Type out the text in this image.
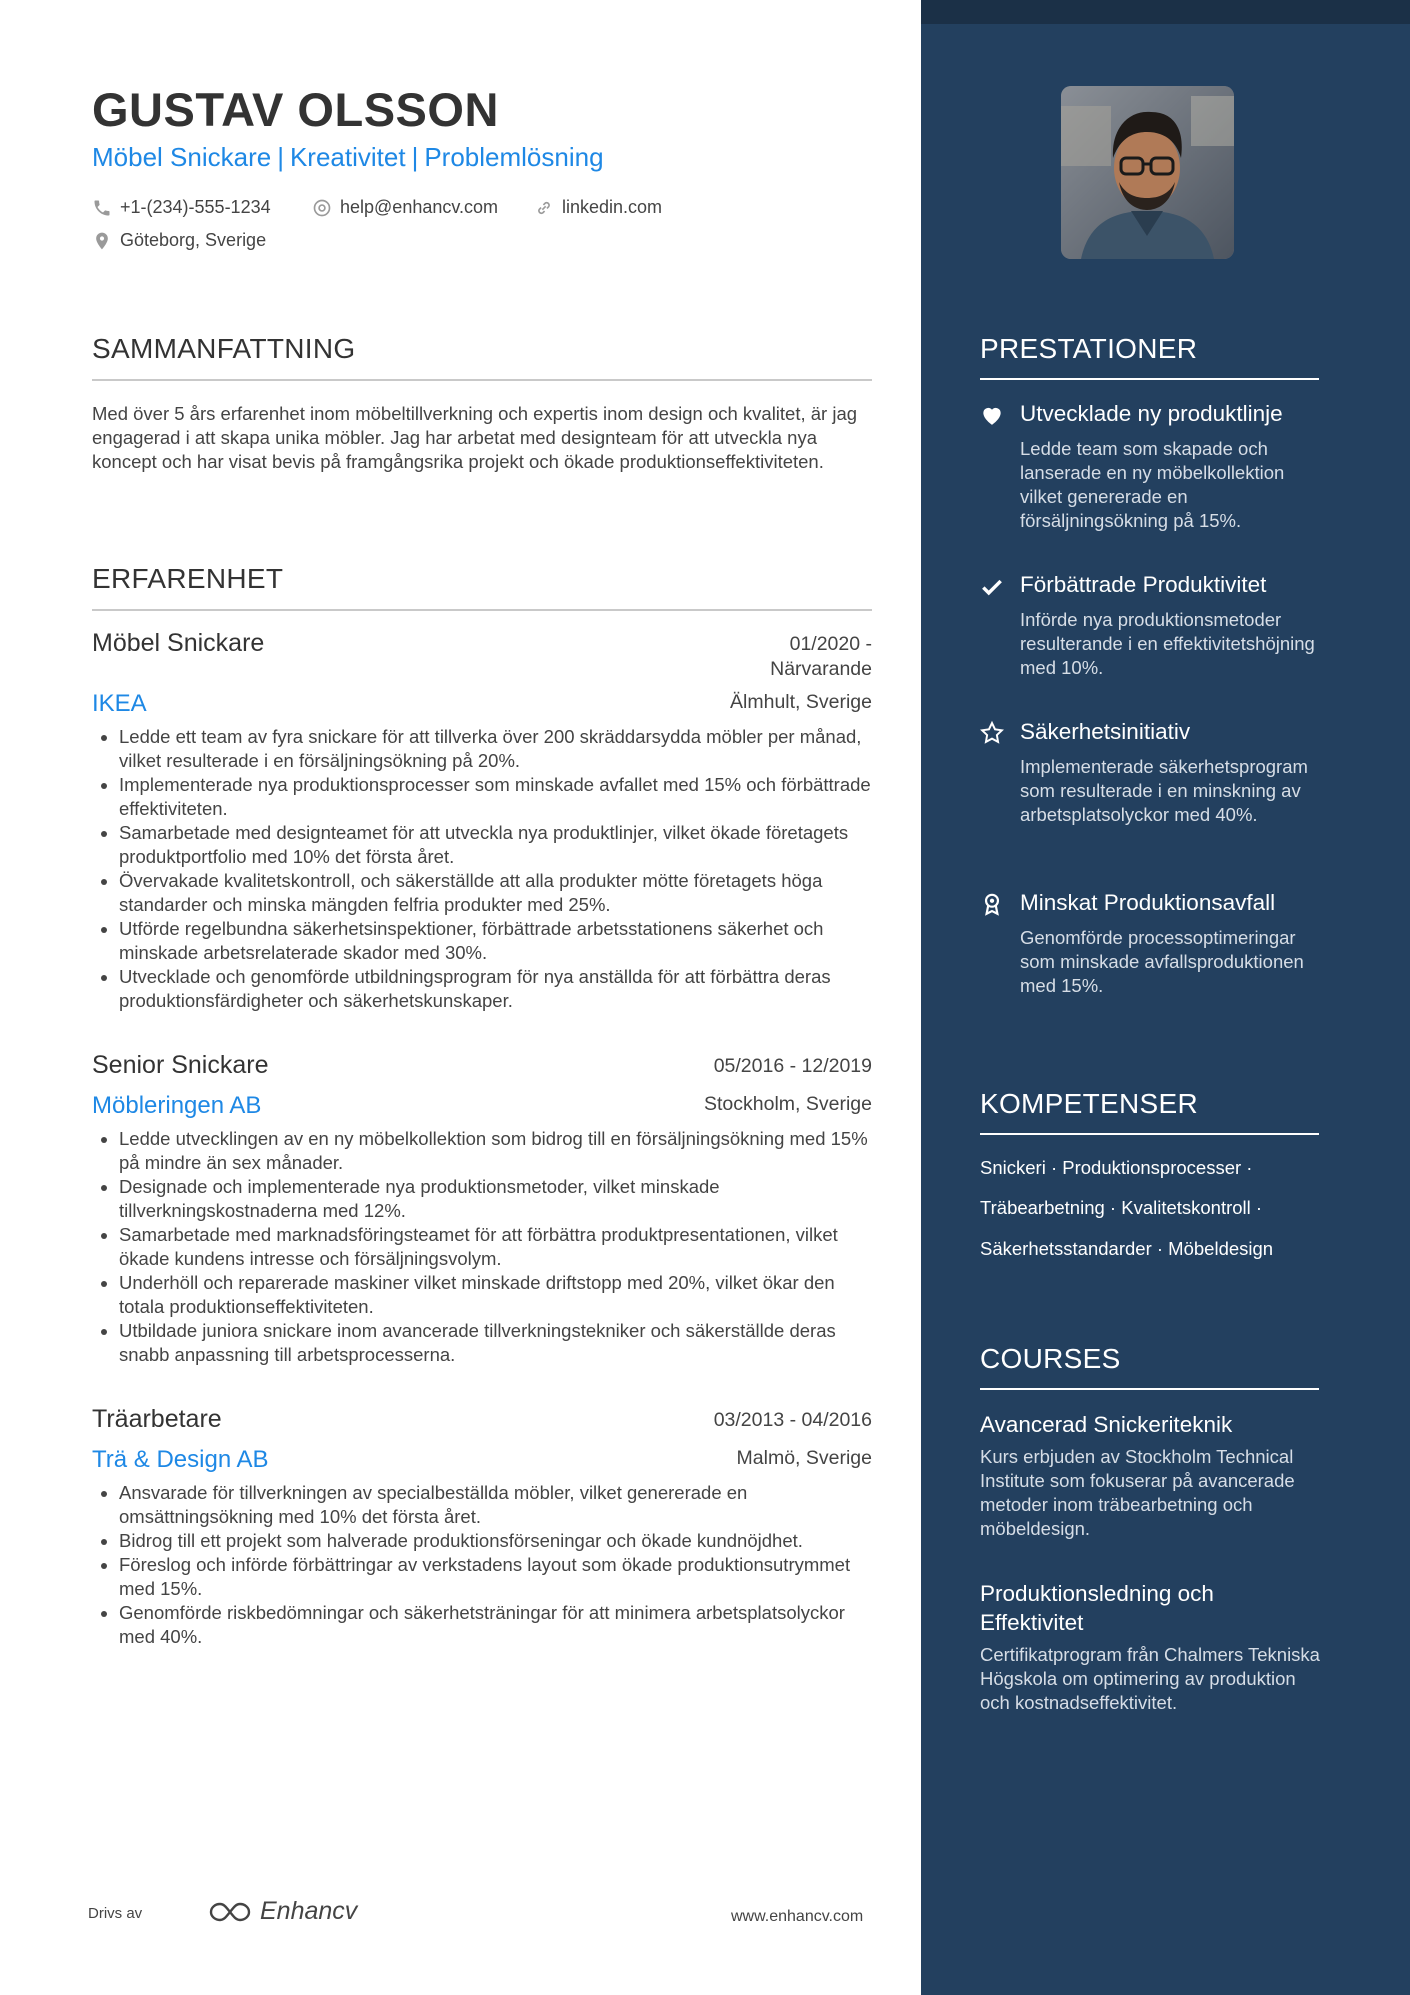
GUSTAV OLSSON
Möbel Snickare | Kreativitet | Problemlösning
+1-(234)-555-1234	help@enhancv.com	linkedin.com
Göteborg, Sverige
SAMMANFATTNING

Med över 5 års erfarenhet inom möbeltillverkning och expertis inom design och kvalitet, är jag engagerad i att skapa unika möbler. Jag har arbetat med designteam för att utveckla nya koncept och har visat bevis på framgångsrika projekt och ökade produktionseffektiviteten.

ERFARENHET
Möbel Snickare	01/2020 -
Närvarande
IKEA	Älmhult, Sverige
• Ledde ett team av fyra snickare för att tillverka över 200 skräddarsydda möbler per månad, vilket resulterade i en försäljningsökning på 20%.
• Implementerade nya produktionsprocesser som minskade avfallet med 15% och förbättrade effektiviteten.
• Samarbetade med designteamet för att utveckla nya produktlinjer, vilket ökade företagets produktportfolio med 10% det första året.
• Övervakade kvalitetskontroll, och säkerställde att alla produkter mötte företagets höga standarder och minska mängden felfria produkter med 25%.
• Utförde regelbundna säkerhetsinspektioner, förbättrade arbetsstationens säkerhet och minskade arbetsrelaterade skador med 30%.
• Utvecklade och genomförde utbildningsprogram för nya anställda för att förbättra deras produktionsfärdigheter och säkerhetskunskaper.
Senior Snickare	05/2016 - 12/2019
Möbleringen AB	Stockholm, Sverige
• Ledde utvecklingen av en ny möbelkollektion som bidrog till en försäljningsökning med 15% på mindre än sex månader.
• Designade och implementerade nya produktionsmetoder, vilket minskade tillverkningskostnaderna med 12%.
• Samarbetade med marknadsföringsteamet för att förbättra produktpresentationen, vilket ökade kundens intresse och försäljningsvolym.
• Underhöll och reparerade maskiner vilket minskade driftstopp med 20%, vilket ökar den totala produktionseffektiviteten.
• Utbildade juniora snickare inom avancerade tillverkningstekniker och säkerställde deras snabb anpassning till arbetsprocesserna.
Träarbetare	03/2013 - 04/2016
Trä & Design AB	Malmö, Sverige
• Ansvarade för tillverkningen av specialbeställda möbler, vilket genererade en omsättningsökning med 10% det första året.
• Bidrog till ett projekt som halverade produktionsförseningar och ökade kundnöjdhet.
• Föreslog och införde förbättringar av verkstadens layout som ökade produktionsutrymmet med 15%.
• Genomförde riskbedömningar och säkerhetsträningar för att minimera arbetsplatsolyckor med 40%.
Drivs av	Enhancv	www.enhancv.com
PRESTATIONER
Utvecklade ny produktlinje

Ledde team som skapade och lanserade en ny möbelkollektion vilket genererade en försäljningsökning på 15%.

Förbättrade Produktivitet

Införde nya produktionsmetoder resulterande i en effektivitetshöjning med 10%.

Säkerhetsinitiativ

Implementerade säkerhetsprogram som resulterade i en minskning av arbetsplatsolyckor med 40%.

Minskat Produktionsavfall

Genomförde processoptimeringar som minskade avfallsproduktionen med 15%.

KOMPETENSER
Snickeri · Produktionsprocesser ·
Träbearbetning · Kvalitetskontroll ·
Säkerhetsstandarder · Möbeldesign
COURSES
Avancerad Snickeriteknik

Kurs erbjuden av Stockholm Technical Institute som fokuserar på avancerade metoder inom träbearbetning och möbeldesign.

Produktionsledning och Effektivitet

Certifikatprogram från Chalmers Tekniska Högskola om optimering av produktion och kostnadseffektivitet.
